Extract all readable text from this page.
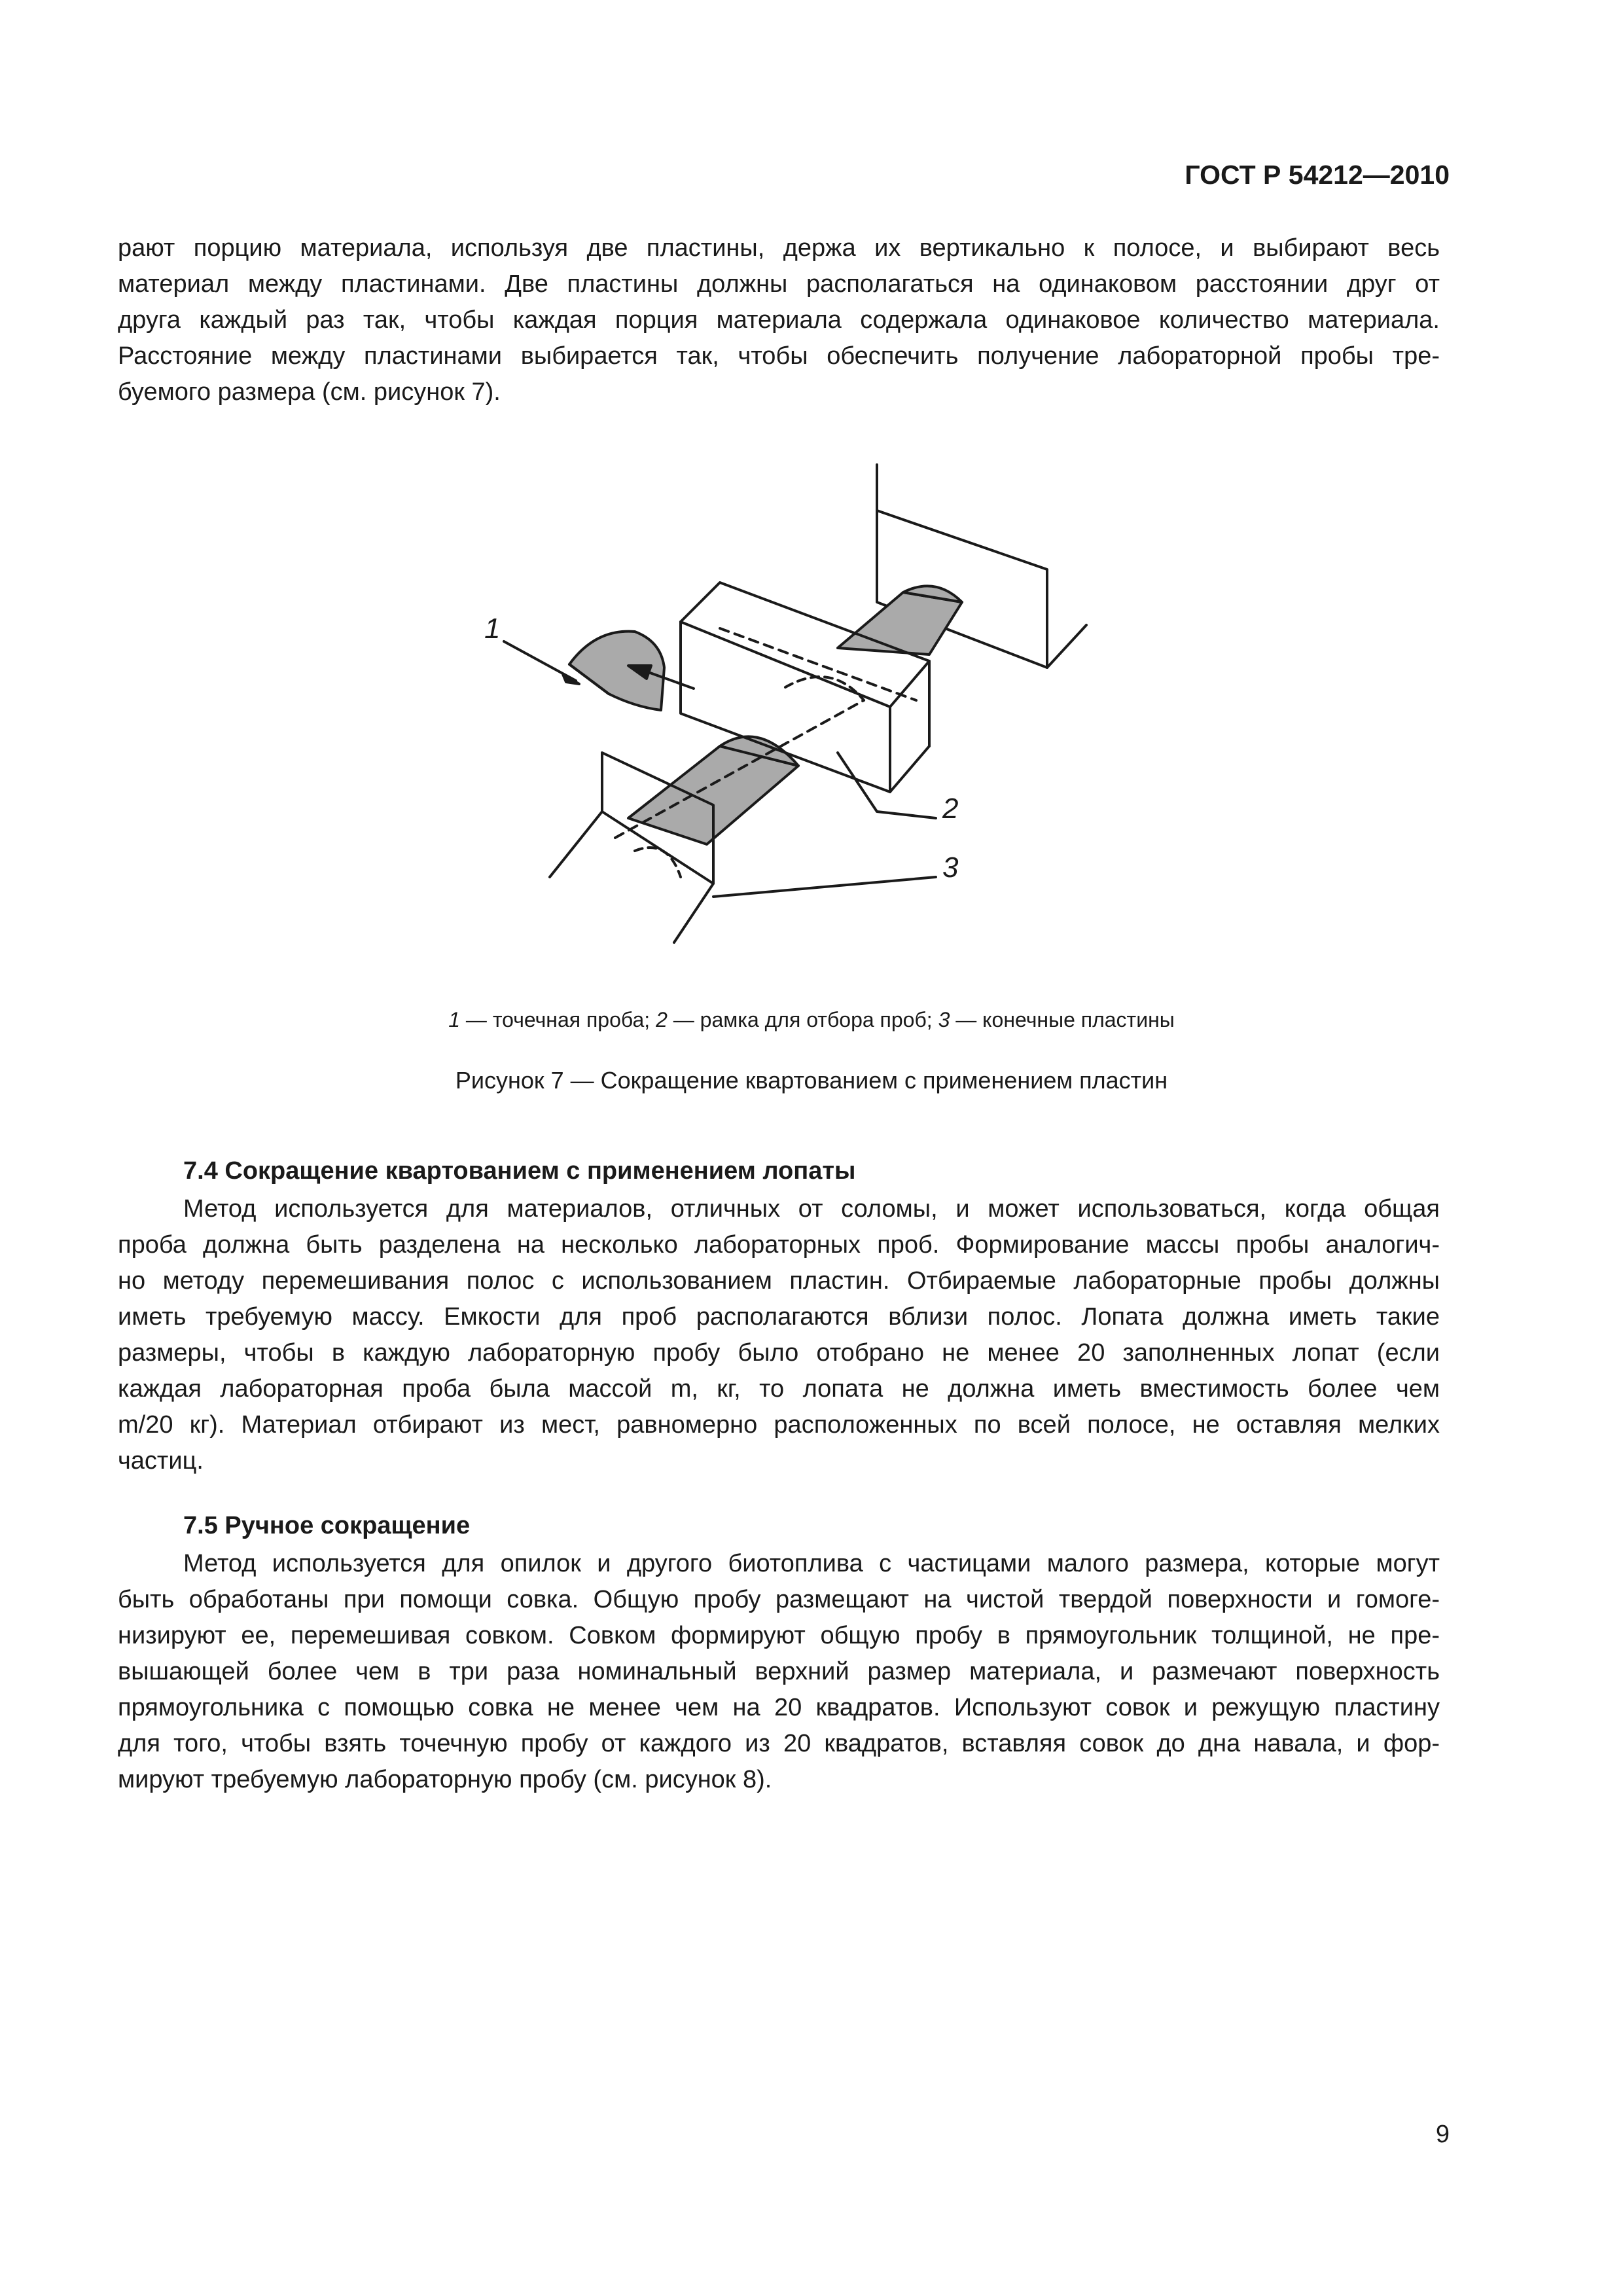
ГОСТ Р 54212—2010
рают порцию материала, используя две пластины, держа их вертикально к полосе, и выбирают весь
материал между пластинами. Две пластины должны располагаться на одинаковом расстоянии друг от
друга каждый раз так, чтобы каждая порция материала содержала одинаковое количество материала.
Расстояние между пластинами выбирается так, чтобы обеспечить получение лабораторной пробы тре-
буемого размера (см. рисунок 7).
1
2
3
1 — точечная проба; 2 — рамка для отбора проб; 3 — конечные пластины
Рисунок 7 — Сокращение квартованием с применением пластин
7.4 Сокращение квартованием с применением лопаты
Метод используется для материалов, отличных от соломы, и может использоваться, когда общая
проба должна быть разделена на несколько лабораторных проб. Формирование массы пробы аналогич-
но методу перемешивания полос с использованием пластин. Отбираемые лабораторные пробы должны
иметь требуемую массу. Емкости для проб располагаются вблизи полос. Лопата должна иметь такие
размеры, чтобы в каждую лабораторную пробу было отобрано не менее 20 заполненных лопат (если
каждая лабораторная проба была массой m, кг, то лопата не должна иметь вместимость более чем
m/20 кг). Материал отбирают из мест, равномерно расположенных по всей полосе, не оставляя мелких
частиц.
7.5 Ручное сокращение
Метод используется для опилок и другого биотоплива с частицами малого размера, которые могут
быть обработаны при помощи совка. Общую пробу размещают на чистой твердой поверхности и гомоге-
низируют ее, перемешивая совком. Совком формируют общую пробу в прямоугольник толщиной, не пре-
вышающей более чем в три раза номинальный верхний размер материала, и размечают поверхность
прямоугольника с помощью совка не менее чем на 20 квадратов. Используют совок и режущую пластину
для того, чтобы взять точечную пробу от каждого из 20 квадратов, вставляя совок до дна навала, и фор-
мируют требуемую лабораторную пробу (см. рисунок 8).
9
